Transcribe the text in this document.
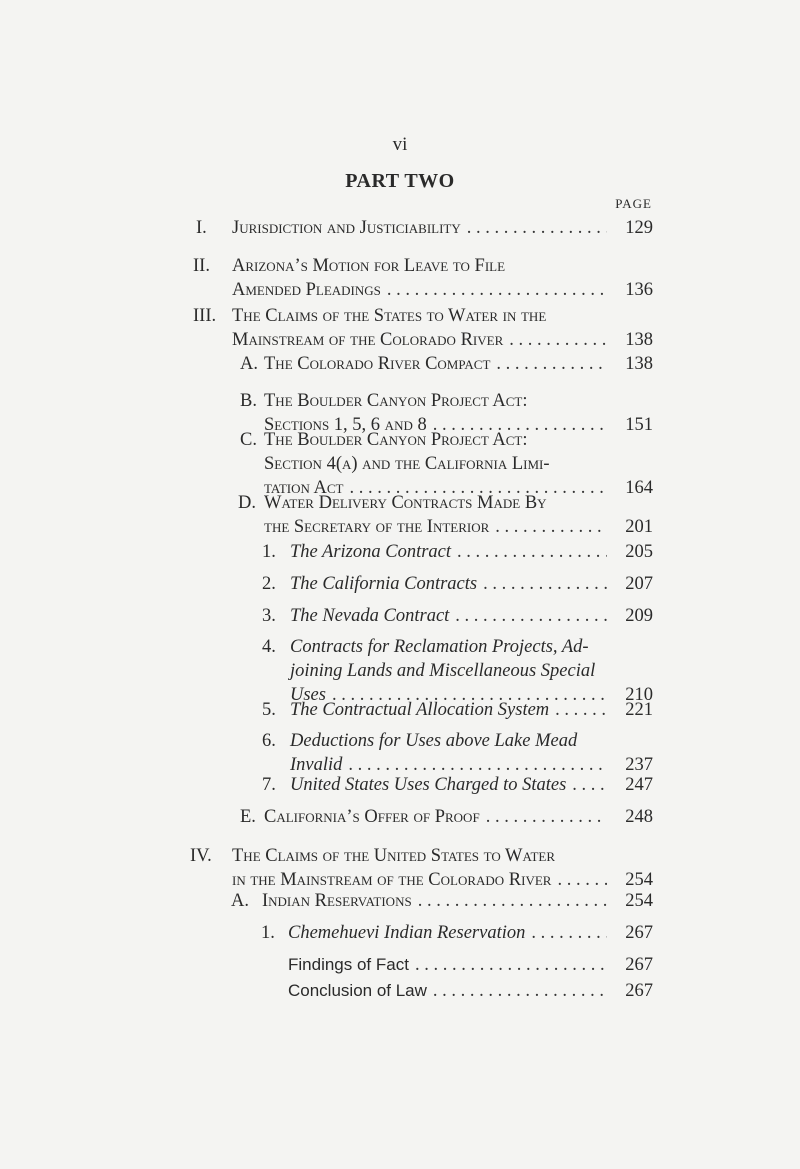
vi
PART TWO
PAGE
I. Jurisdiction and Justiciability . . .	129
II. Arizona’s Motion for Leave to File
Amended Pleadings . . .	136
III. The Claims of the States to Water in the
Mainstream of the Colorado River . . .	138
A. The Colorado River Compact . . .	138
B. The Boulder Canyon Project Act:
Sections 1, 5, 6 and 8 . . .	151
C. The Boulder Canyon Project Act:
Section 4(a) and the California Limi-
tation Act . . .	164
D. Water Delivery Contracts Made By
the Secretary of the Interior . . .	201
1. The Arizona Contract . . .	205
2. The California Contracts . . .	207
3. The Nevada Contract . . .	209
4. Contracts for Reclamation Projects, Ad-
joining Lands and Miscellaneous Special
Uses . . .	210
5. The Contractual Allocation System . . .	221
6. Deductions for Uses above Lake Mead
Invalid . . .	237
7. United States Uses Charged to States . . .	247
E. California’s Offer of Proof . . .	248
IV. The Claims of the United States to Water
in the Mainstream of the Colorado River . . .	254
A. Indian Reservations . . .	254
1. Chemehuevi Indian Reservation . . .	267
Findings of Fact . . .	267
Conclusion of Law . . .	267
